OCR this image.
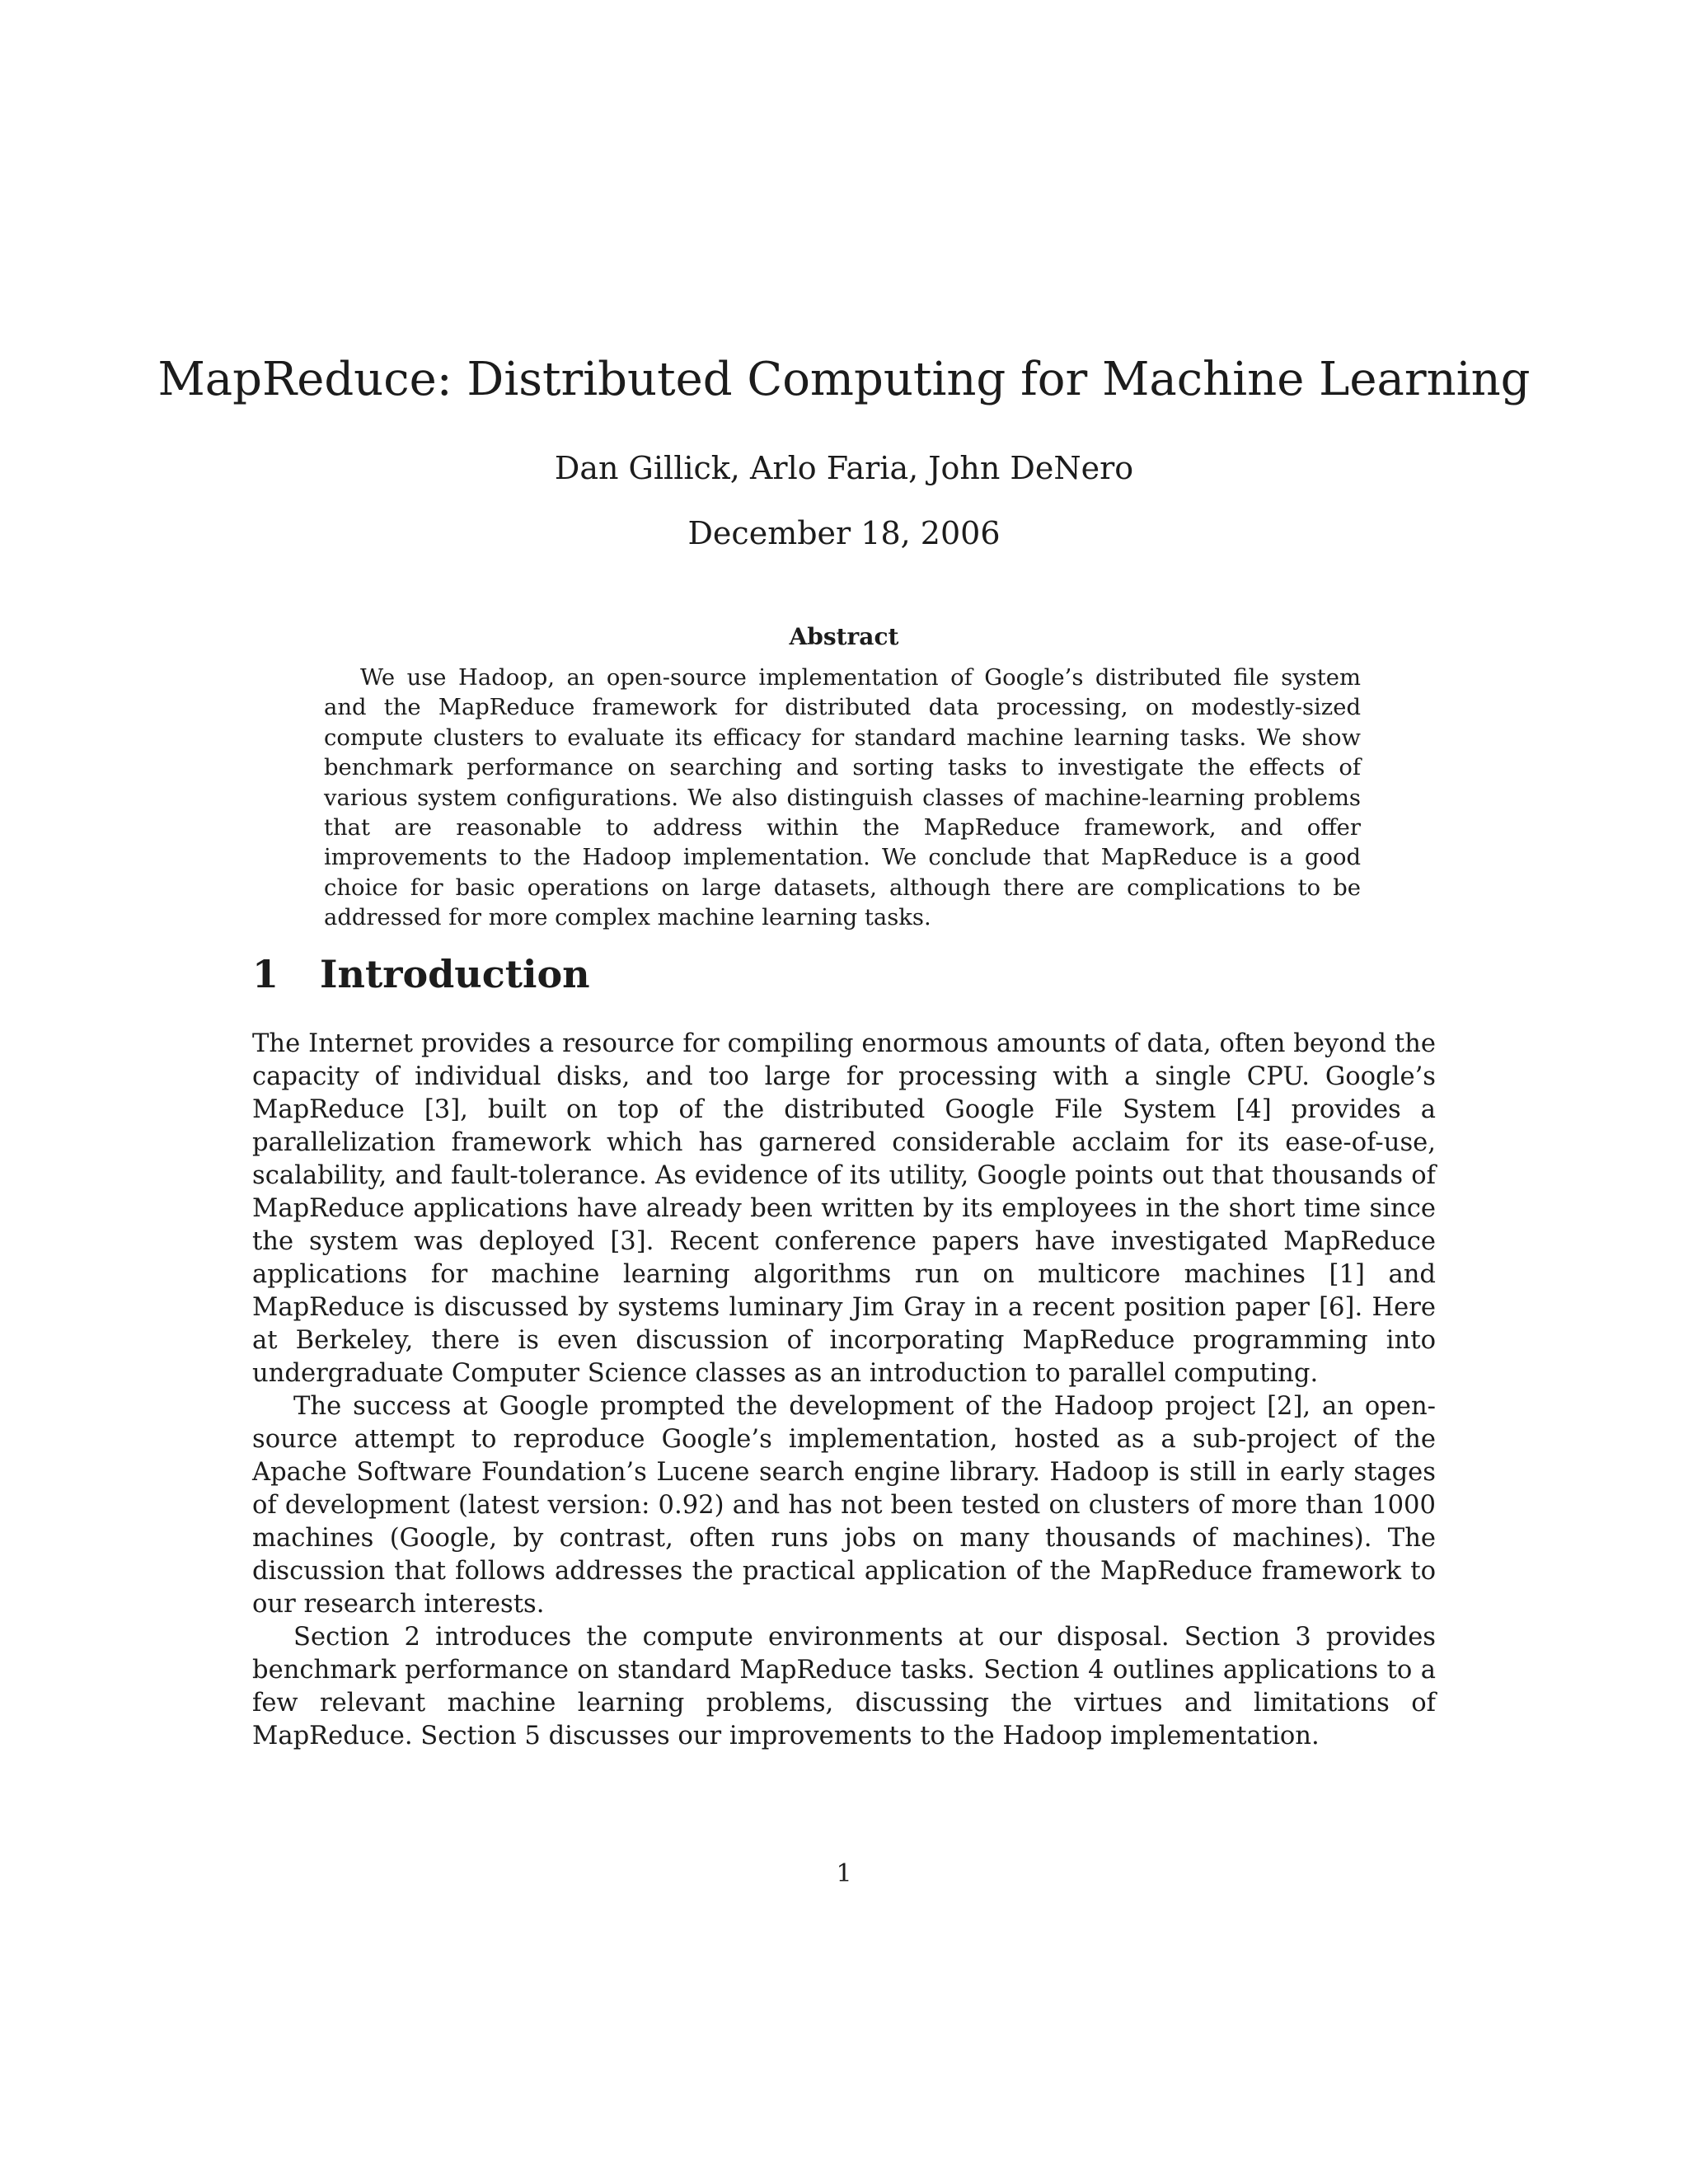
MapReduce: Distributed Computing for Machine Learning
Dan Gillick, Arlo Faria, John DeNero
December 18, 2006
Abstract

We use Hadoop, an open-source implementation of Google’s distributed file system and the MapReduce framework for distributed data processing, on modestly-sized compute clusters to evaluate its efficacy for standard machine learning tasks. We show benchmark performance on searching and sorting tasks to investigate the effects of various system configurations. We also distinguish classes of machine-learning problems that are reasonable to address within the MapReduce framework, and offer improvements to the Hadoop implementation. We conclude that MapReduce is a good choice for basic operations on large datasets, although there are complications to be addressed for more complex machine learning tasks.

1 Introduction

The Internet provides a resource for compiling enormous amounts of data, often beyond the capacity of individual disks, and too large for processing with a single CPU. Google’s MapReduce [3], built on top of the distributed Google File System [4] provides a parallelization framework which has garnered considerable acclaim for its ease-of-use, scalability, and fault-tolerance. As evidence of its utility, Google points out that thousands of MapReduce applications have already been written by its employees in the short time since the system was deployed [3]. Recent conference papers have investigated MapReduce applications for machine learning algorithms run on multicore machines [1] and MapReduce is discussed by systems luminary Jim Gray in a recent position paper [6]. Here at Berkeley, there is even discussion of incorporating MapReduce programming into undergraduate Computer Science classes as an introduction to parallel computing.

The success at Google prompted the development of the Hadoop project [2], an open-source attempt to reproduce Google’s implementation, hosted as a sub-project of the Apache Software Foundation’s Lucene search engine library. Hadoop is still in early stages of development (latest version: 0.92) and has not been tested on clusters of more than 1000 machines (Google, by contrast, often runs jobs on many thousands of machines). The discussion that follows addresses the practical application of the MapReduce framework to our research interests.

Section 2 introduces the compute environments at our disposal. Section 3 provides benchmark performance on standard MapReduce tasks. Section 4 outlines applications to a few relevant machine learning problems, discussing the virtues and limitations of MapReduce. Section 5 discusses our improvements to the Hadoop implementation.

1
